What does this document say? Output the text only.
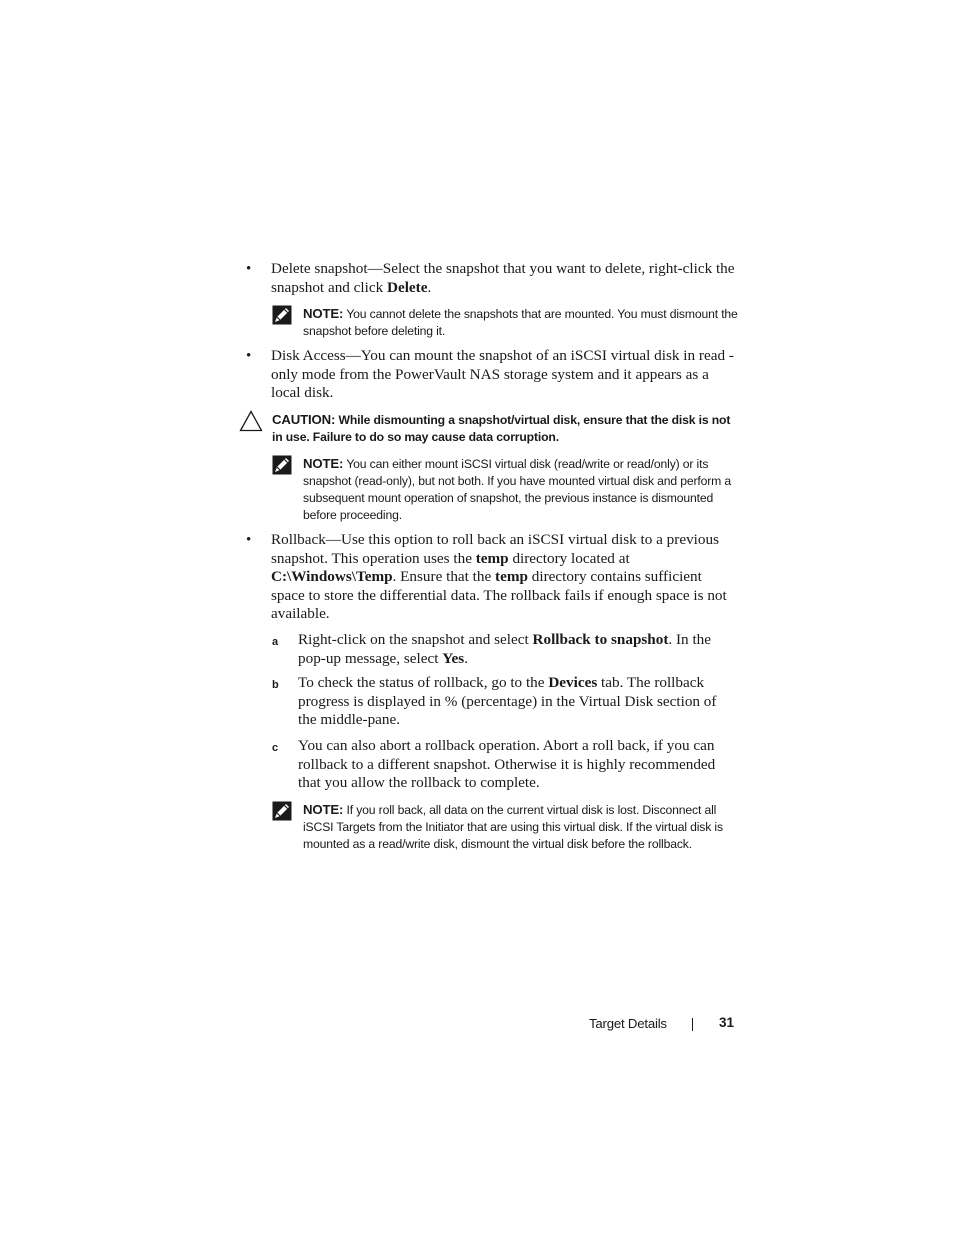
• Delete snapshot—Select the snapshot that you want to delete, right-click the snapshot and click Delete.
NOTE: You cannot delete the snapshots that are mounted. You must dismount the snapshot before deleting it.
• Disk Access—You can mount the snapshot of an iSCSI virtual disk in read -only mode from the PowerVault NAS storage system and it appears as a local disk.
CAUTION: While dismounting a snapshot/virtual disk, ensure that the disk is not in use. Failure to do so may cause data corruption.
NOTE: You can either mount iSCSI virtual disk (read/write or read/only) or its snapshot (read-only), but not both. If you have mounted virtual disk and perform a subsequent mount operation of snapshot, the previous instance is dismounted before proceeding.
• Rollback—Use this option to roll back an iSCSI virtual disk to a previous snapshot. This operation uses the temp directory located at C:\Windows\Temp. Ensure that the temp directory contains sufficient space to store the differential data. The rollback fails if enough space is not available.
a Right-click on the snapshot and select Rollback to snapshot. In the pop-up message, select Yes.
b To check the status of rollback, go to the Devices tab. The rollback progress is displayed in % (percentage) in the Virtual Disk section of the middle-pane.
c You can also abort a rollback operation. Abort a roll back, if you can rollback to a different snapshot. Otherwise it is highly recommended that you allow the rollback to complete.
NOTE: If you roll back, all data on the current virtual disk is lost. Disconnect all iSCSI Targets from the Initiator that are using this virtual disk. If the virtual disk is mounted as a read/write disk, dismount the virtual disk before the rollback.
Target Details	31
